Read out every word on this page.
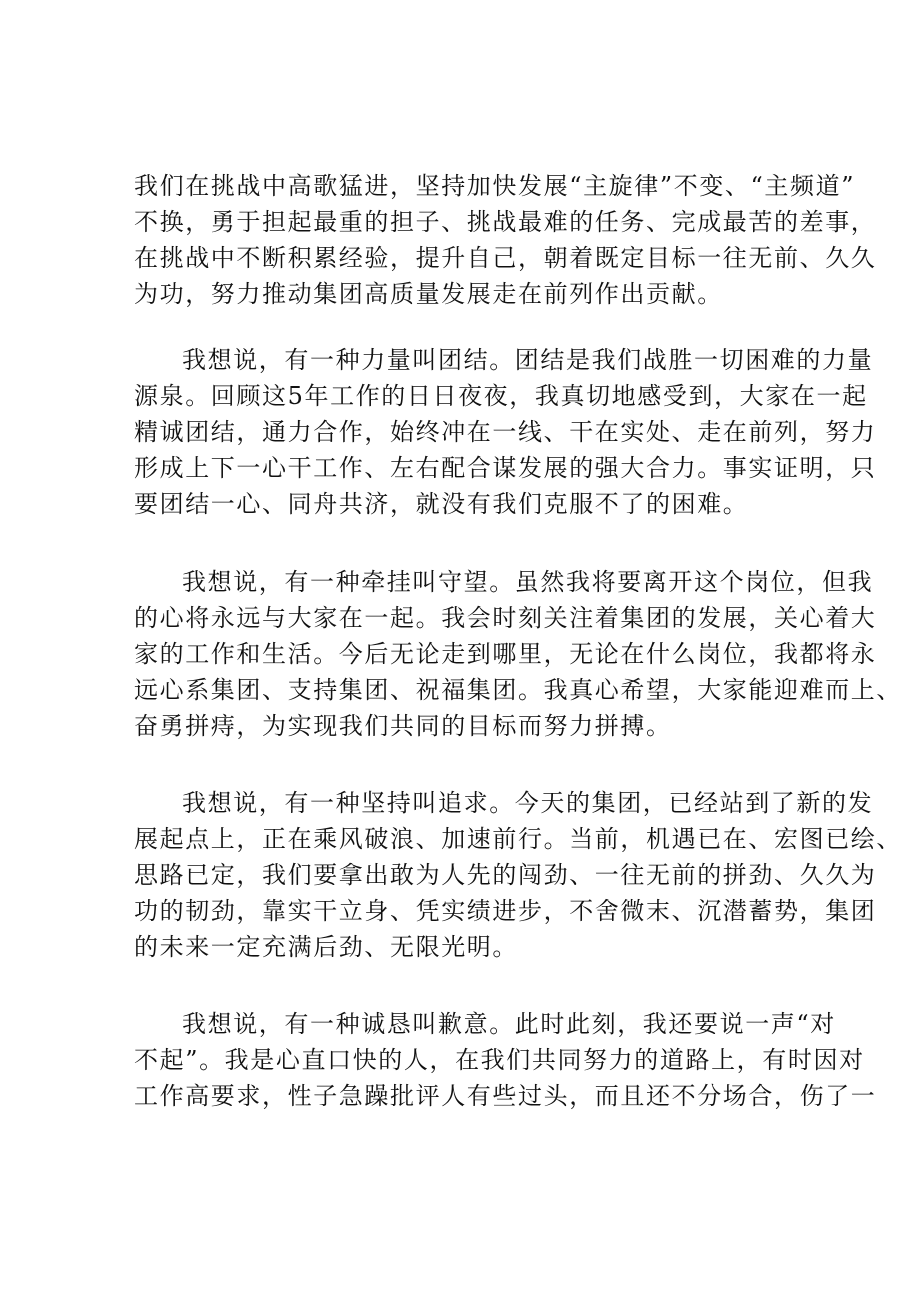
我们在挑战中高歌猛进，坚持加快发展“主旋律”不变、“主频道”
不换，勇于担起最重的担子、挑战最难的任务、完成最苦的差事，
在挑战中不断积累经验，提升自己，朝着既定目标一往无前、久久
为功，努力推动集团高质量发展走在前列作出贡献。
我想说，有一种力量叫团结。团结是我们战胜一切困难的力量
源泉。回顾这5年工作的日日夜夜，我真切地感受到，大家在一起
精诚团结，通力合作，始终冲在一线、干在实处、走在前列，努力
形成上下一心干工作、左右配合谋发展的强大合力。事实证明，只
要团结一心、同舟共济，就没有我们克服不了的困难。
我想说，有一种牵挂叫守望。虽然我将要离开这个岗位，但我
的心将永远与大家在一起。我会时刻关注着集团的发展，关心着大
家的工作和生活。今后无论走到哪里，无论在什么岗位，我都将永
远心系集团、支持集团、祝福集团。我真心希望，大家能迎难而上、
奋勇拼痔，为实现我们共同的目标而努力拼搏。
我想说，有一种坚持叫追求。今天的集团，已经站到了新的发
展起点上，正在乘风破浪、加速前行。当前，机遇已在、宏图已绘、
思路已定，我们要拿出敢为人先的闯劲、一往无前的拼劲、久久为
功的韧劲，靠实干立身、凭实绩进步，不舍微末、沉潜蓄势，集团
的未来一定充满后劲、无限光明。
我想说，有一种诚恳叫歉意。此时此刻，我还要说一声“对
不起”。我是心直口快的人，在我们共同努力的道路上，有时因对
工作高要求，性子急躁批评人有些过头，而且还不分场合，伤了一
